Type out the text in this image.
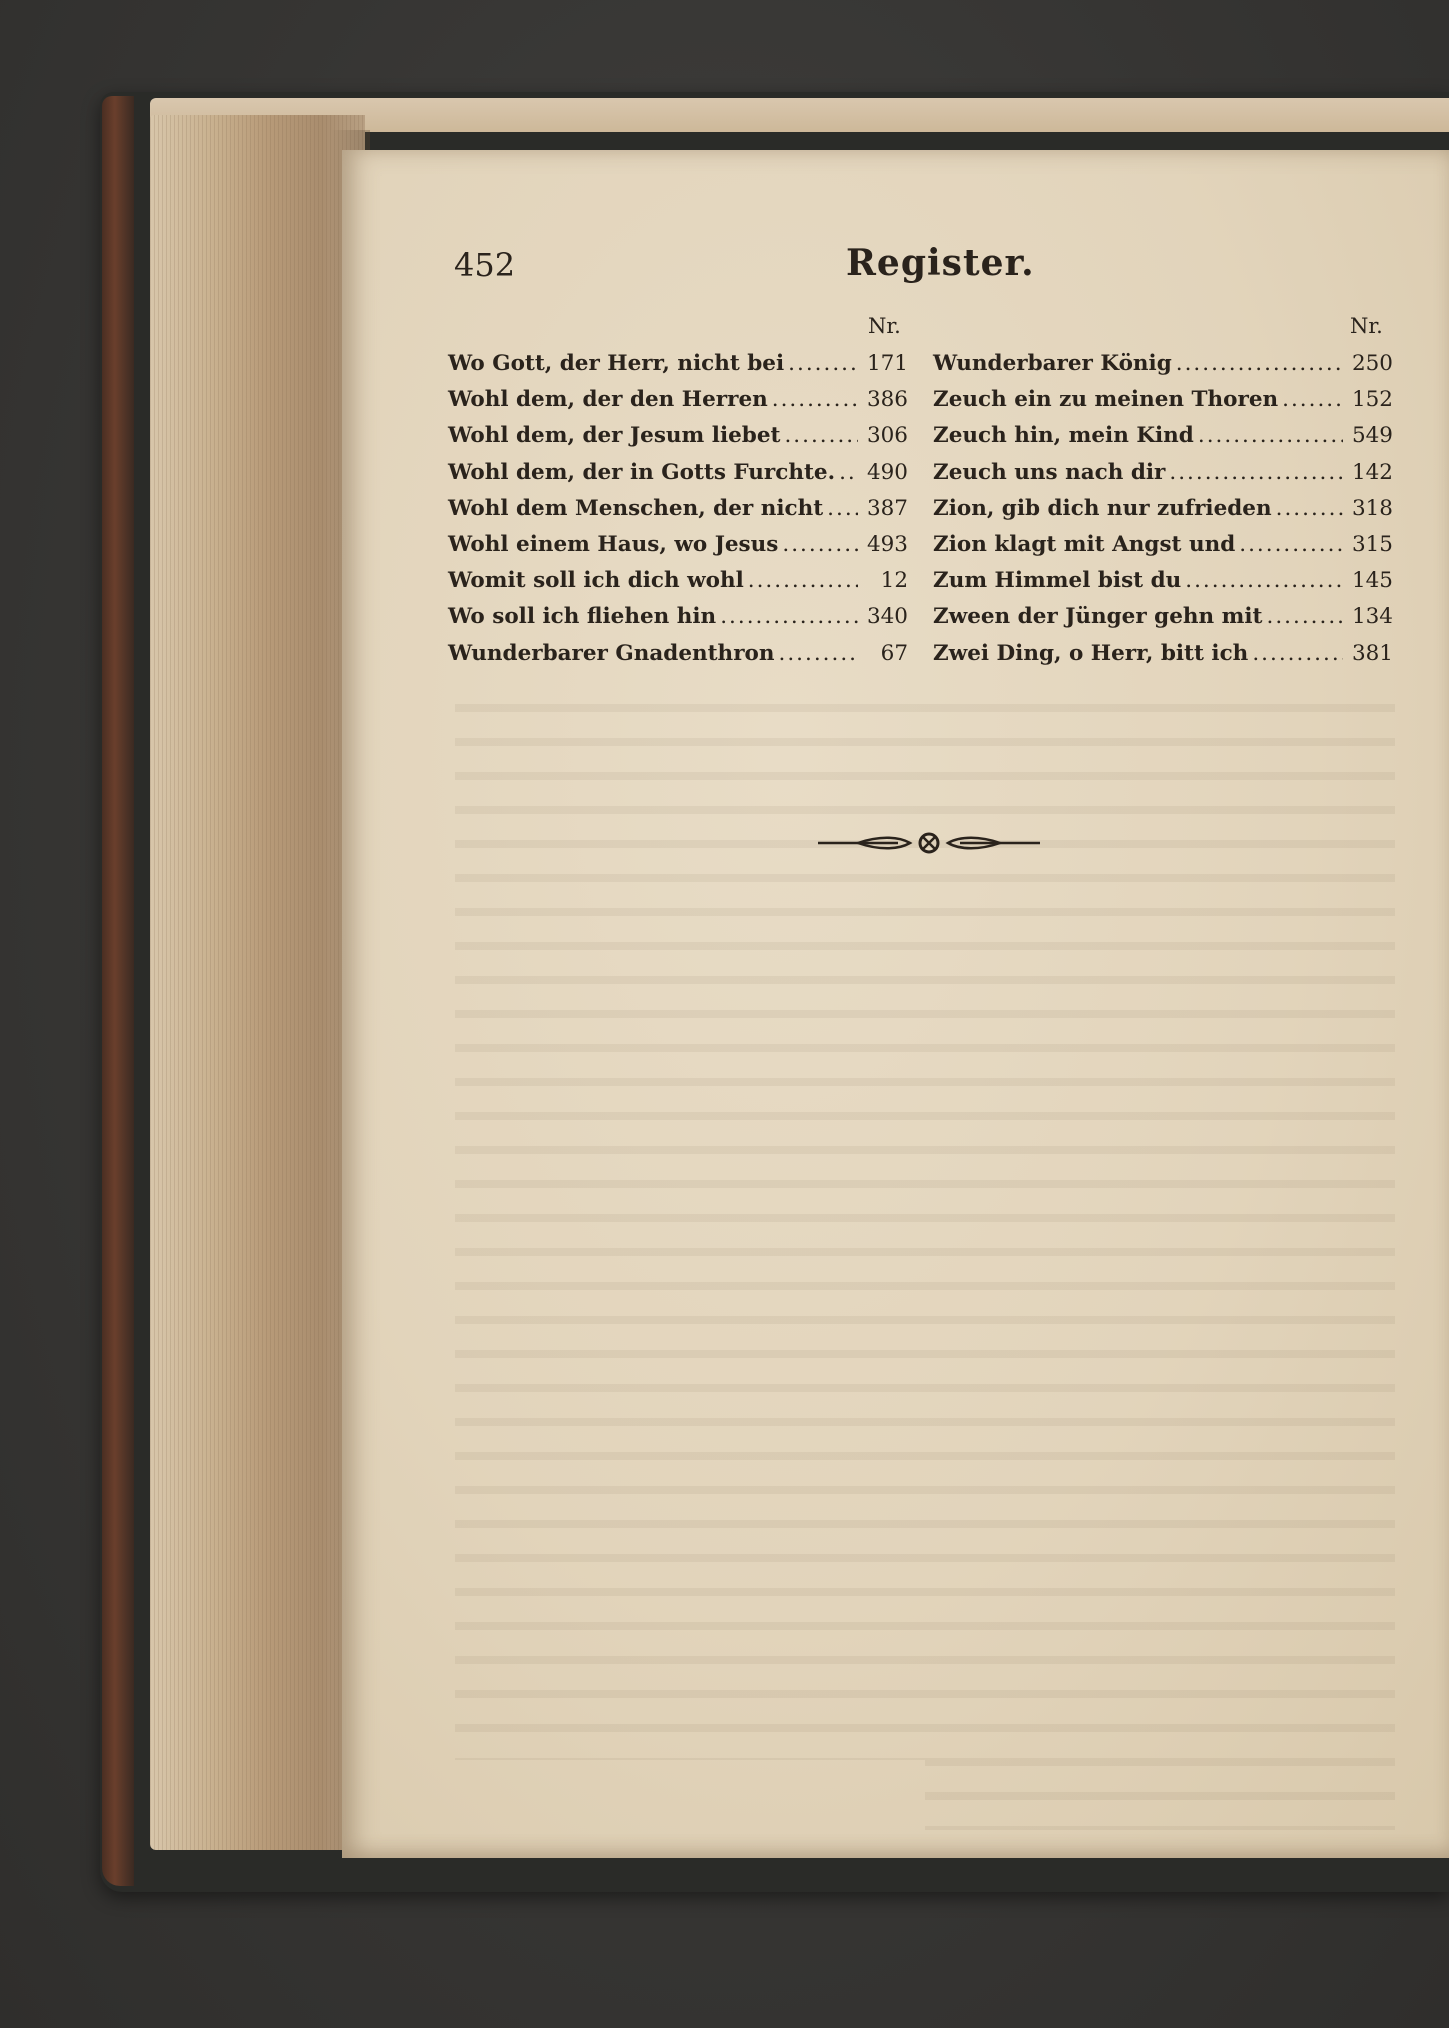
452	Register.
Nr.	Nr.
Wo Gott, der Herr, nicht bei .....	171
Wohl dem, der den Herren .....	386
Wohl dem, der Jesum liebet .....	306
Wohl dem, der in Gotts Furchte. ..... 490
Wohl dem Menschen, der nicht ..... 387
Wohl einem Haus, wo Jesus .....	493
Womit soll ich dich wohl .....	12
Wo soll ich fliehen hin .....	340
Wunderbarer Gnadenthron .....	67
Wunderbarer König .....	250
Zeuch ein zu meinen Thoren .....	152
Zeuch hin, mein Kind .....	549
Zeuch uns nach dir .....	142
Zion, gib dich nur zufrieden .....	318
Zion klagt mit Angst und .....	315
Zum Himmel bist du .....	145
Zween der Jünger gehn mit .....	134
Zwei Ding, o Herr, bitt ich .....	381
